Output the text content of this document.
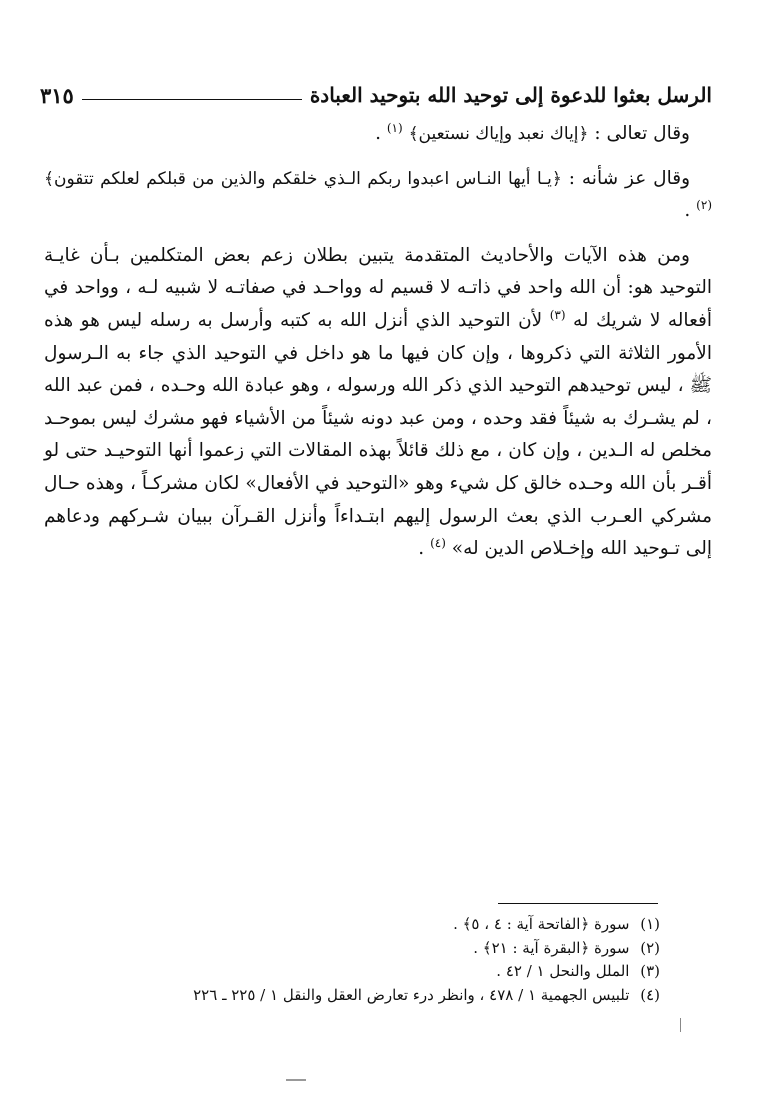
الرسل بعثوا للدعوة إلى توحيد الله بتوحيد العبادة
٣١٥

وقال تعالى : ﴿إياك نعبد وإياك نستعين﴾ $^{(١)}$ .

وقال عز شأنه : ﴿يـا أيها النـاس اعبدوا ربكم الـذي خلقكم والذين من قبلكم لعلكم تتقون﴾ $^{(٢)}$ .

ومن هذه الآيات والأحاديث المتقدمة يتبين بطلان زعم بعض المتكلمين بـأن غايـة التوحيد هو: أن الله واحد في ذاتـه لا قسيم له وواحـد في صفاتـه لا شبيه لـه ، وواحد في أفعاله لا شريك له $^{(٣)}$ لأن التوحيد الذي أنزل الله به كتبه وأرسل به رسله ليس هو هذه الأمور الثلاثة التي ذكروها ، وإن كان فيها ما هو داخل في التوحيد الذي جاء به الـرسول ﷺ ، ليس توحيدهم التوحيد الذي ذكر الله ورسوله ، وهو عبادة الله وحـده ، فمن عبد الله ، لم يشـرك به شيئاً فقد وحده ، ومن عبد دونه شيئاً من الأشياء فهو مشرك ليس بموحـد مخلص له الـدين ، وإن كان ، مع ذلك قائلاً بهذه المقالات التي زعموا أنها التوحيـد حتى لو أقـر بأن الله وحـده خالق كل شيء وهو «التوحيد في الأفعال» لكان مشركـاً ، وهذه حـال مشركي العـرب الذي بعث الرسول إليهم ابتـداءاً وأنزل القـرآن ببيان شـركهم ودعاهم إلى تـوحيد الله وإخـلاص الدين له» $^{(٤)}$ .

(١) سورة ﴿الفاتحة آية : ٤ ، ٥﴾ .
(٢) سورة ﴿البقرة آية : ٢١﴾ .
(٣) الملل والنحل ١ / ٤٢ .
(٤) تلبيس الجهمية ١ / ٤٧٨ ، وانظر درء تعارض العقل والنقل ١ / ٢٢٥ ـ ٢٢٦
